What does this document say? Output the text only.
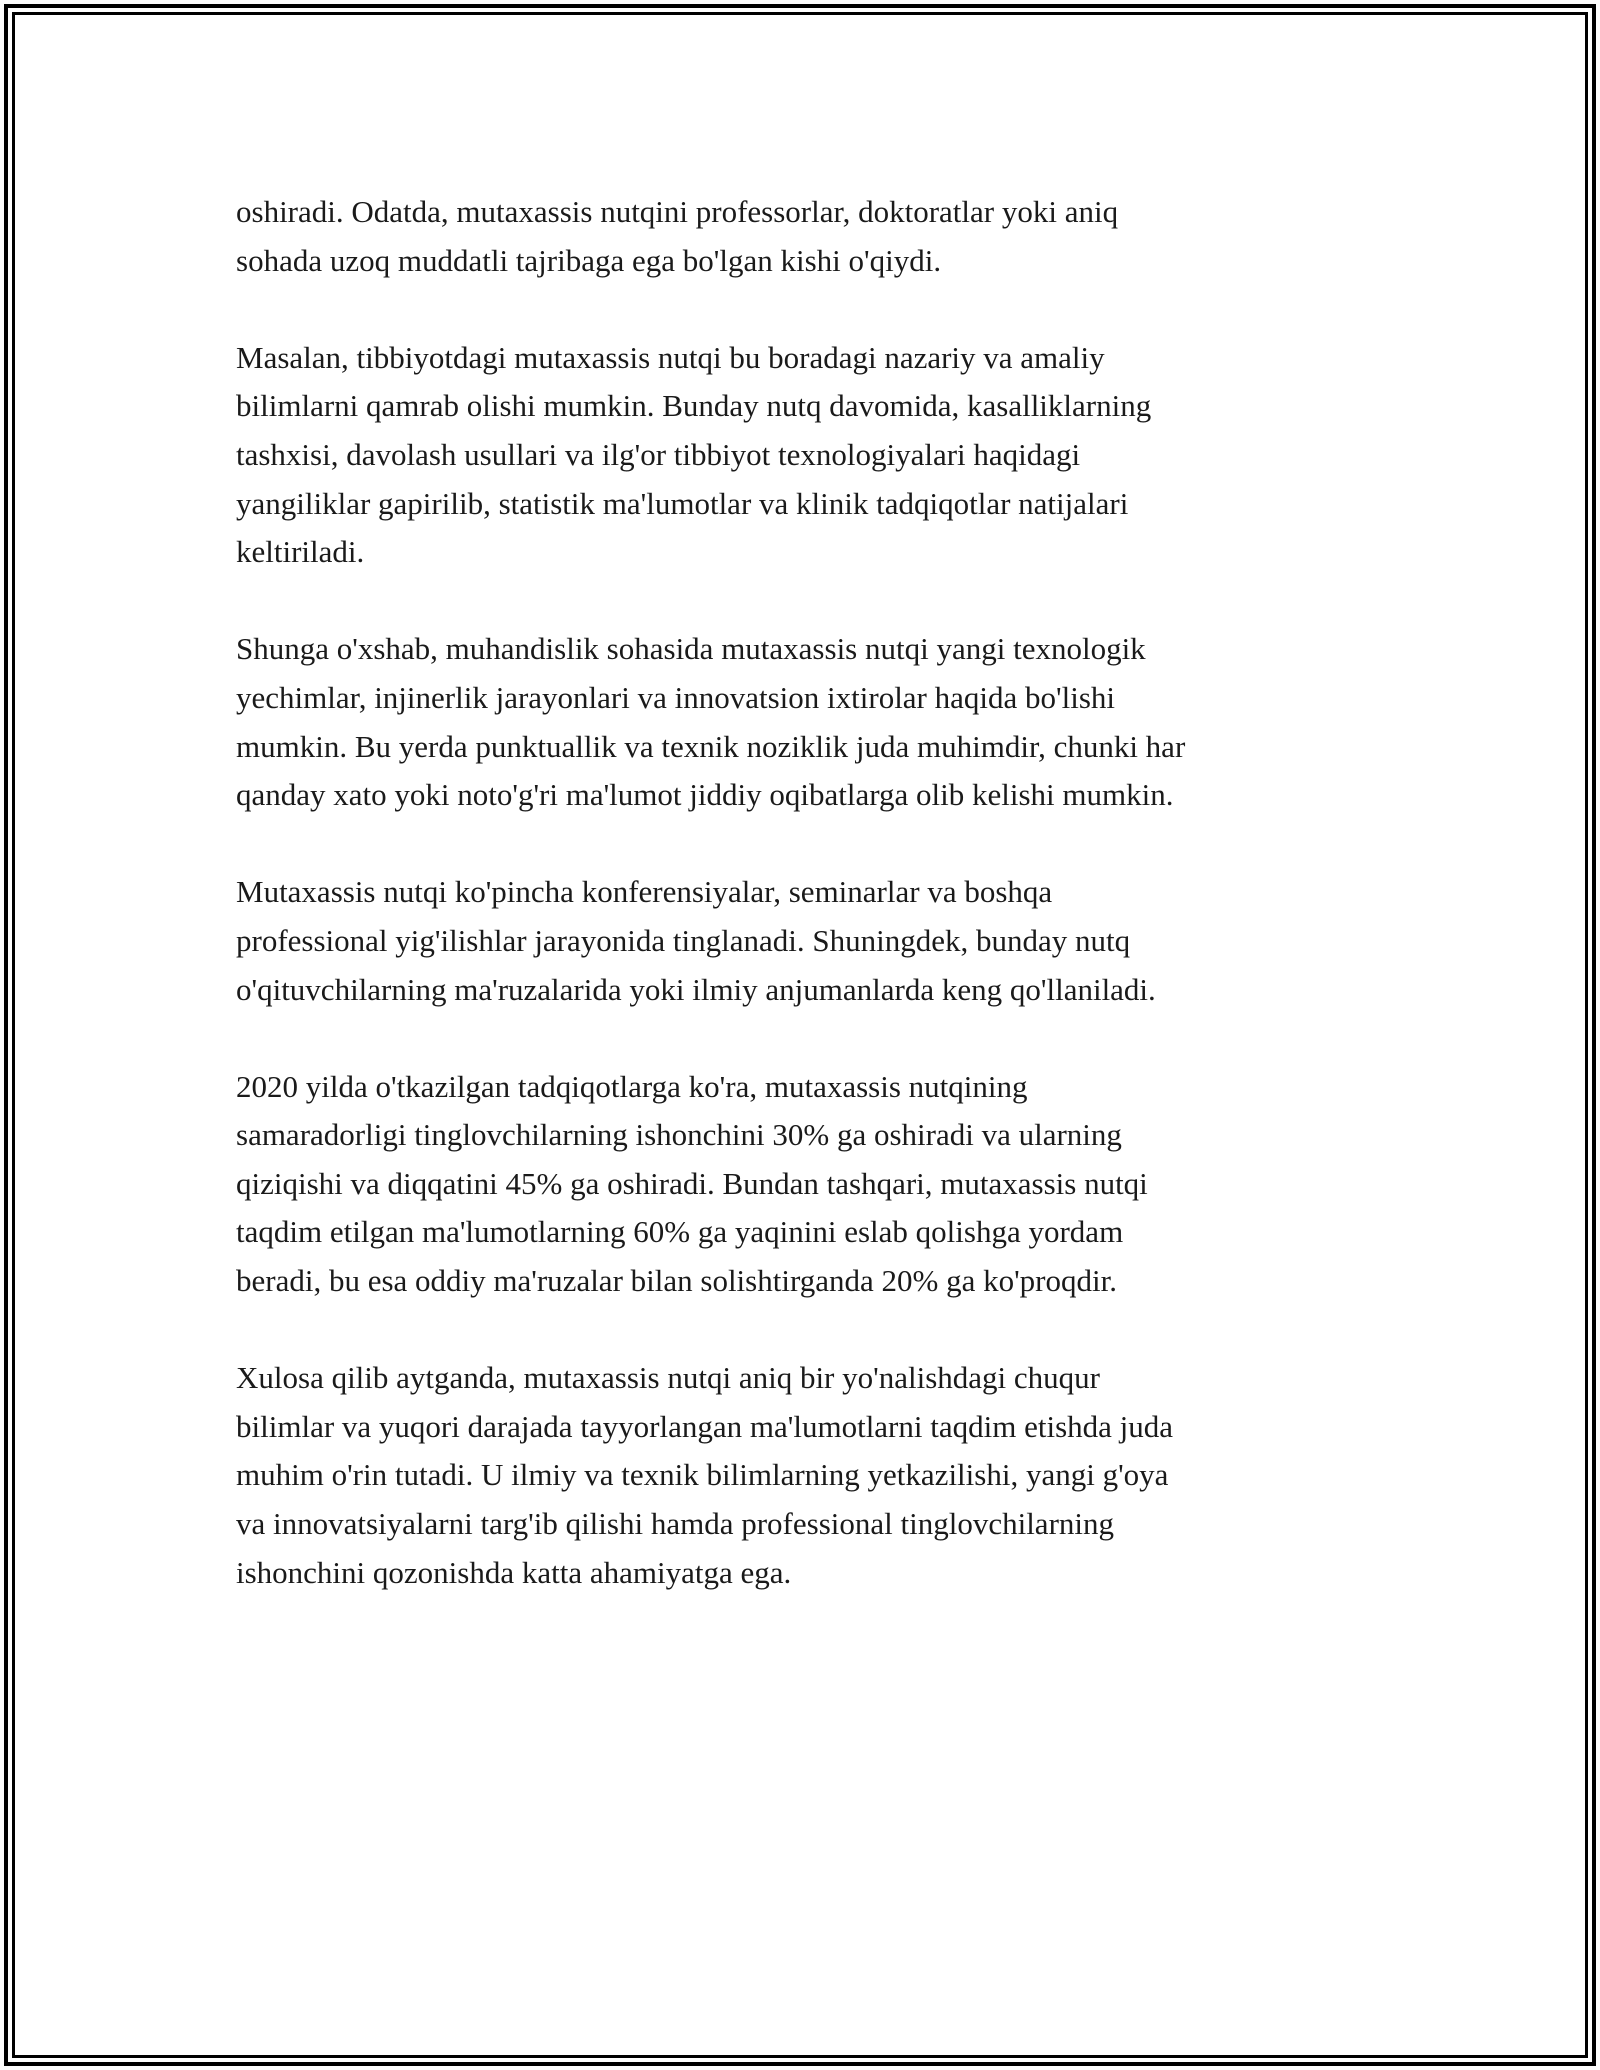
oshiradi. Odatda, mutaxassis nutqini professorlar, doktoratlar yoki aniq
sohada uzoq muddatli tajribaga ega bo'lgan kishi o'qiydi.

Masalan, tibbiyotdagi mutaxassis nutqi bu boradagi nazariy va amaliy
bilimlarni qamrab olishi mumkin. Bunday nutq davomida, kasalliklarning
tashxisi, davolash usullari va ilg'or tibbiyot texnologiyalari haqidagi
yangiliklar gapirilib, statistik ma'lumotlar va klinik tadqiqotlar natijalari
keltiriladi.

Shunga o'xshab, muhandislik sohasida mutaxassis nutqi yangi texnologik
yechimlar, injinerlik jarayonlari va innovatsion ixtirolar haqida bo'lishi
mumkin. Bu yerda punktuallik va texnik noziklik juda muhimdir, chunki har
qanday xato yoki noto'g'ri ma'lumot jiddiy oqibatlarga olib kelishi mumkin.

Mutaxassis nutqi ko'pincha konferensiyalar, seminarlar va boshqa
professional yig'ilishlar jarayonida tinglanadi. Shuningdek, bunday nutq
o'qituvchilarning ma'ruzalarida yoki ilmiy anjumanlarda keng qo'llaniladi.

2020 yilda o'tkazilgan tadqiqotlarga ko'ra, mutaxassis nutqining
samaradorligi tinglovchilarning ishonchini 30% ga oshiradi va ularning
qiziqishi va diqqatini 45% ga oshiradi. Bundan tashqari, mutaxassis nutqi
taqdim etilgan ma'lumotlarning 60% ga yaqinini eslab qolishga yordam
beradi, bu esa oddiy ma'ruzalar bilan solishtirganda 20% ga ko'proqdir.

Xulosa qilib aytganda, mutaxassis nutqi aniq bir yo'nalishdagi chuqur
bilimlar va yuqori darajada tayyorlangan ma'lumotlarni taqdim etishda juda
muhim o'rin tutadi. U ilmiy va texnik bilimlarning yetkazilishi, yangi g'oya
va innovatsiyalarni targ'ib qilishi hamda professional tinglovchilarning
ishonchini qozonishda katta ahamiyatga ega.
